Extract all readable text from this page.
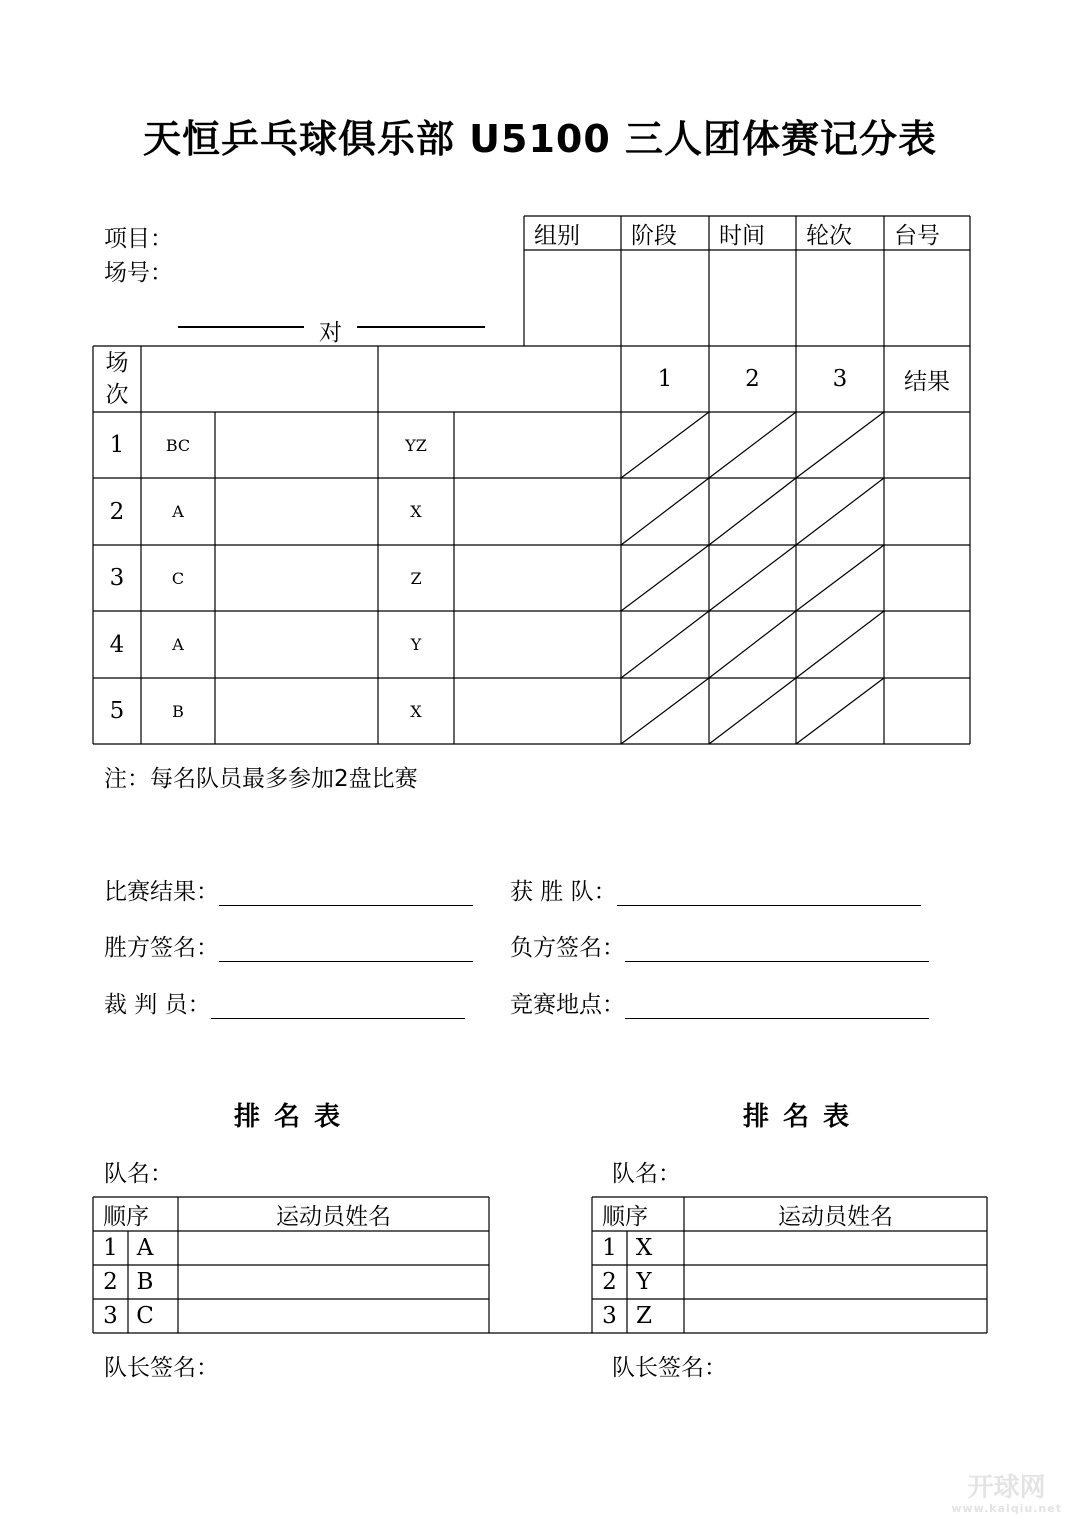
天恒乒乓球俱乐部 U5100 三人团体赛记分表
项目：
场号：
对
组别	阶段	时间	轮次	台号
场
次
1	2	3	结果
1	BC	YZ
2	A	X
3	C	Z
4	A	Y
5	B	X
注：每名队员最多参加2盘比赛
比赛结果：	获 胜 队：
胜方签名：	负方签名：
裁 判 员：	竞赛地点：
排名表	排名表
队名：	队名：
顺序	运动员姓名
1 A
2 B
3 C
顺序	运动员姓名
1 X
2 Y
3 Z
队长签名：	队长签名：
开球网
www.kaiqiu.net
